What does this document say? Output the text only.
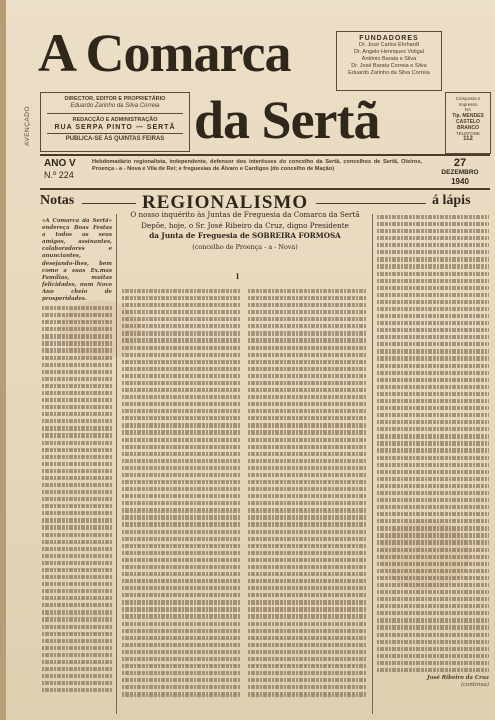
AVENÇADO
A Comarca
da Sertã
DIRECTOR, EDITOR E PROPRIETÁRIO
Eduardo Zarinho da Silva Correia
REDACÇÃO E ADMINISTRAÇÃO
RUA SERPA PINTO — SERTÃ
PUBLICA-SE ÀS QUINTAS FEIRAS
FUNDADORES
Dr. José Carlos Ehrhardt
Dr. Angelo Henriques Vidigal
António Barata e Silva
Dr. José Barata Correia e Silva
Eduardo Zarinho da Silva Correia
Composto e Impresso
NA
Tip. MENDES
CASTELO BRANCO
TELEFONE
112
ANO V
N.º 224
Hebdomadário regionalista, independente, defensor dos interêsses do concelho da Sertã, concelhos de Sertã, Oleiros, Proença - a - Nova e Vila de Rei; e freguesias de Álvaro e Cardigos (do concelho de Mação)
27
DEZEMBRO
1940
Notas	REGIONALISMO	á lápis
«A Comarca da Sertã» endereça Boas Festas a todos os seus amigos, assinantes, colaboradores e anunciantes, desejando-lhes, bem como a suas Ex.mas Famílias, muitas felicidades, num Novo Ano cheio de prosperidades.
O nosso inquérito às Juntas de Freguesia da Comarca da Sertã
Depõe, hoje, o Sr. José Ribeiro da Cruz, digno Presidente
da Junta de Freguesia de SOBREIRA FORMOSA
(concelho de Proença - a - Nova)
I
José Ribeiro da Cruz
(continua)
